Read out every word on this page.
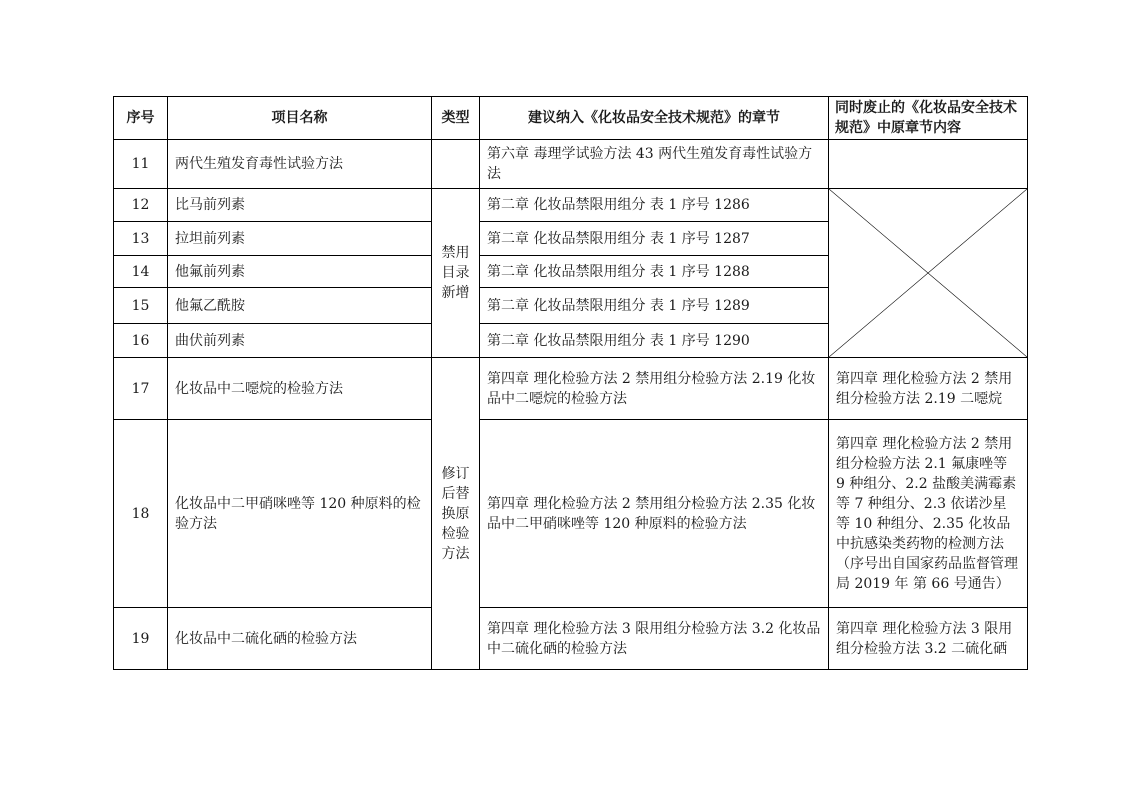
序号	项目名称	类型	建议纳入《化妆品安全技术规范》的章节	同时废止的《化妆品安全技术规范》中原章节内容
11	两代生殖发育毒性试验方法		第六章 毒理学试验方法 43 两代生殖发育毒性试验方法	
12	比马前列素	禁用目录新增	第二章 化妆品禁限用组分 表 1 序号 1286	

13	拉坦前列素		第二章 化妆品禁限用组分 表 1 序号 1287	
14	他氟前列素		第二章 化妆品禁限用组分 表 1 序号 1288	
15	他氟乙酰胺		第二章 化妆品禁限用组分 表 1 序号 1289	
16	曲伏前列素		第二章 化妆品禁限用组分 表 1 序号 1290	
17	化妆品中二噁烷的检验方法	修订后替换原检验方法	第四章 理化检验方法 2 禁用组分检验方法 2.19 化妆品中二噁烷的检验方法	第四章 理化检验方法 2 禁用组分检验方法 2.19 二噁烷
18	化妆品中二甲硝咪唑等 120 种原料的检验方法		第四章 理化检验方法 2 禁用组分检验方法 2.35 化妆品中二甲硝咪唑等 120 种原料的检验方法	第四章 理化检验方法 2 禁用组分检验方法 2.1 氟康唑等 9 种组分、2.2 盐酸美满霉素等 7 种组分、2.3 依诺沙星等 10 种组分、2.35 化妆品中抗感染类药物的检测方法（序号出自国家药品监督管理局 2019 年 第 66 号通告）
19	化妆品中二硫化硒的检验方法		第四章 理化检验方法 3 限用组分检验方法 3.2 化妆品中二硫化硒的检验方法	第四章 理化检验方法 3 限用组分检验方法 3.2 二硫化硒
